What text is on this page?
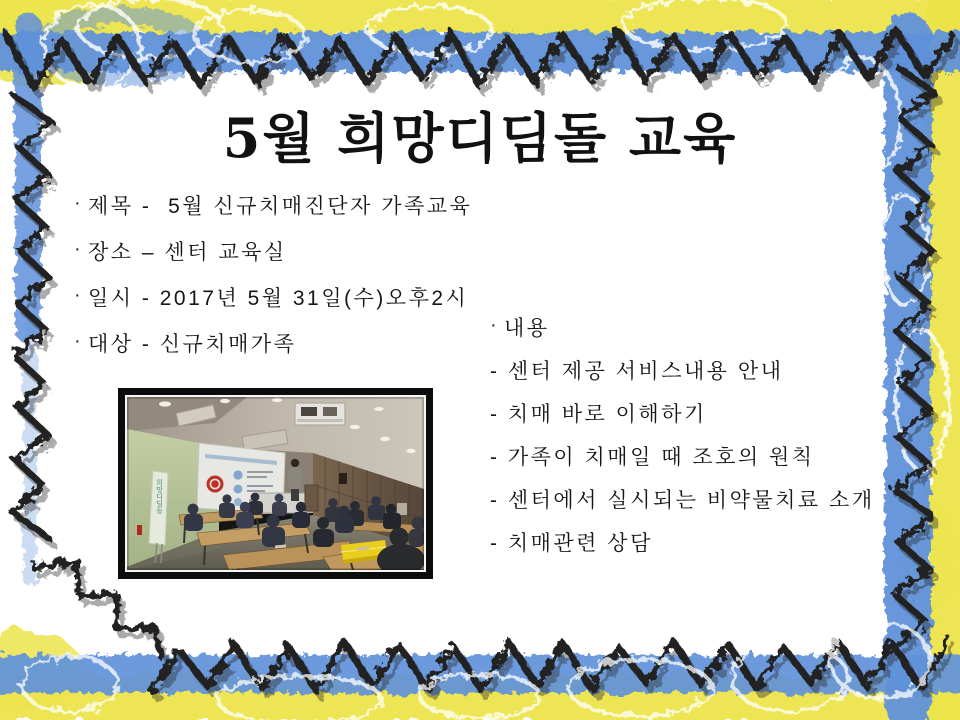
5월 희망디딤돌 교육
· 제목 -  5월 신규치매진단자 가족교육
· 장소 – 센터 교육실
· 일시 - 2017년 5월 31일(수)오후2시
· 대상 - 신규치매가족
· 내용
- 센터 제공 서비스내용 안내
- 치매 바로 이해하기
- 가족이 치매일 때 조호의 원칙
- 센터에서 실시되는 비약물치료 소개
- 치매관련 상담
희망디딤돌
